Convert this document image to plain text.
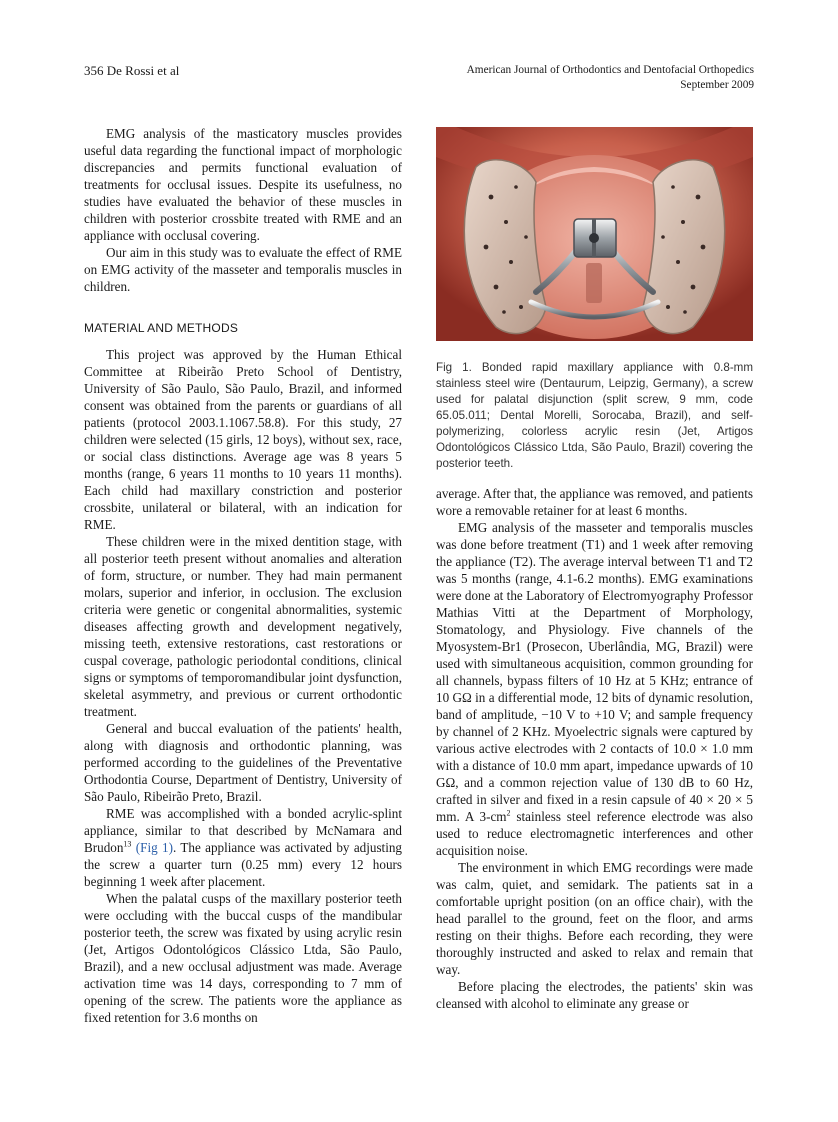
356 De Rossi et al	American Journal of Orthodontics and Dentofacial Orthopedics
September 2009

EMG analysis of the masticatory muscles provides useful data regarding the functional impact of morphologic discrepancies and permits functional evaluation of treatments for occlusal issues. Despite its usefulness, no studies have evaluated the behavior of these muscles in children with posterior crossbite treated with RME and an appliance with occlusal covering.

Our aim in this study was to evaluate the effect of RME on EMG activity of the masseter and temporalis muscles in children.

MATERIAL AND METHODS

This project was approved by the Human Ethical Committee at Ribeirão Preto School of Dentistry, University of São Paulo, São Paulo, Brazil, and informed consent was obtained from the parents or guardians of all patients (protocol 2003.1.1067.58.8). For this study, 27 children were selected (15 girls, 12 boys), without sex, race, or social class distinctions. Average age was 8 years 5 months (range, 6 years 11 months to 10 years 11 months). Each child had maxillary constriction and posterior crossbite, unilateral or bilateral, with an indication for RME.

These children were in the mixed dentition stage, with all posterior teeth present without anomalies and alteration of form, structure, or number. They had main permanent molars, superior and inferior, in occlusion. The exclusion criteria were genetic or congenital abnormalities, systemic diseases affecting growth and development negatively, missing teeth, extensive restorations, cast restorations or cuspal coverage, pathologic periodontal conditions, clinical signs or symptoms of temporomandibular joint dysfunction, skeletal asymmetry, and previous or current orthodontic treatment.

General and buccal evaluation of the patients' health, along with diagnosis and orthodontic planning, was performed according to the guidelines of the Preventative Orthodontia Course, Department of Dentistry, University of São Paulo, Ribeirão Preto, Brazil.

RME was accomplished with a bonded acrylic-splint appliance, similar to that described by McNamara and Brudon$^{13}$ (Fig 1). The appliance was activated by adjusting the screw a quarter turn (0.25 mm) every 12 hours beginning 1 week after placement.

When the palatal cusps of the maxillary posterior teeth were occluding with the buccal cusps of the mandibular posterior teeth, the screw was fixated by using acrylic resin (Jet, Artigos Odontológicos Clássico Ltda, São Paulo, Brazil), and a new occlusal adjustment was made. Average activation time was 14 days, corresponding to 7 mm of opening of the screw. The patients wore the appliance as fixed retention for 3.6 months on

Fig 1. Bonded rapid maxillary appliance with 0.8-mm stainless steel wire (Dentaurum, Leipzig, Germany), a screw used for palatal disjunction (split screw, 9 mm, code 65.05.011; Dental Morelli, Sorocaba, Brazil), and self-polymerizing, colorless acrylic resin (Jet, Artigos Odontológicos Clássico Ltda, São Paulo, Brazil) covering the posterior teeth.

average. After that, the appliance was removed, and patients wore a removable retainer for at least 6 months.

EMG analysis of the masseter and temporalis muscles was done before treatment (T1) and 1 week after removing the appliance (T2). The average interval between T1 and T2 was 5 months (range, 4.1-6.2 months). EMG examinations were done at the Laboratory of Electromyography Professor Mathias Vitti at the Department of Morphology, Stomatology, and Physiology. Five channels of the Myosystem-Br1 (Prosecon, Uberlândia, MG, Brazil) were used with simultaneous acquisition, common grounding for all channels, bypass filters of 10 Hz at 5 KHz; entrance of 10 GΩ in a differential mode, 12 bits of dynamic resolution, band of amplitude, −10 V to +10 V; and sample frequency by channel of 2 KHz. Myoelectric signals were captured by various active electrodes with 2 contacts of 10.0 × 1.0 mm with a distance of 10.0 mm apart, impedance upwards of 10 GΩ, and a common rejection value of 130 dB to 60 Hz, crafted in silver and fixed in a resin capsule of 40 × 20 × 5 mm. A $3-cm^2$ stainless steel reference electrode was also used to reduce electromagnetic interferences and other acquisition noise.

The environment in which EMG recordings were made was calm, quiet, and semidark. The patients sat in a comfortable upright position (on an office chair), with the head parallel to the ground, feet on the floor, and arms resting on their thighs. Before each recording, they were thoroughly instructed and asked to relax and remain that way.

Before placing the electrodes, the patients' skin was cleansed with alcohol to eliminate any grease or
